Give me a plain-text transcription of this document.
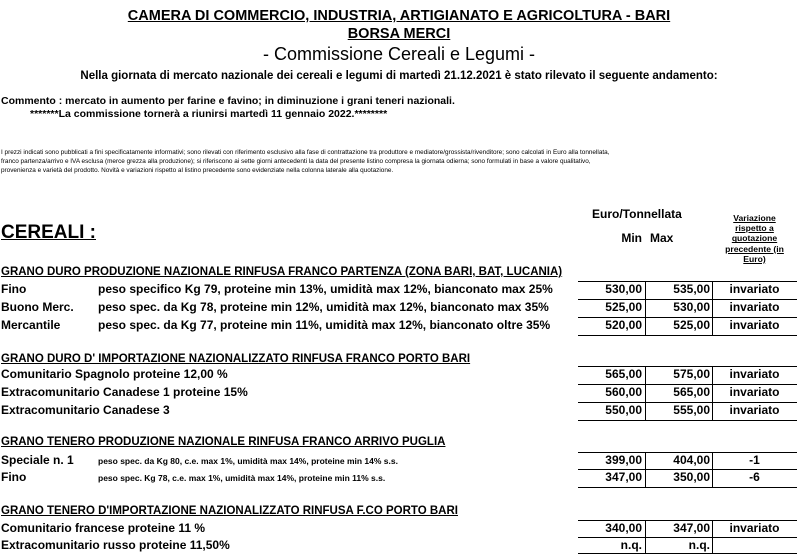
CAMERA DI COMMERCIO, INDUSTRIA, ARTIGIANATO E AGRICOLTURA - BARI
BORSA MERCI
- Commissione Cereali e Legumi -
Nella giornata di mercato nazionale dei cereali e legumi di martedì 21.12.2021 è stato rilevato il seguente andamento:
Commento : mercato in aumento per farine e favino; in diminuzione i grani teneri nazionali.
*******La commissione tornerà a riunirsi martedì 11 gennaio 2022.********
I prezzi indicati sono pubblicati a fini specificatamente informativi; sono rilevati con riferimento esclusivo alla fase di contrattazione tra produttore e mediatore/grossista/rivenditore; sono calcolati in Euro alla tonnellata,
franco partenza/arrivo e IVA esclusa (merce grezza alla produzione); si riferiscono ai sette giorni antecedenti la data del presente listino compresa la giornata odierna; sono formulati in base a valore qualitativo,
provenienza e varietà del prodotto. Novità e variazioni rispetto al listino precedente sono evidenziate nella colonna laterale alla quotazione.
CEREALI :
Euro/Tonnellata
Min Max
Variazione
rispetto a
quotazione
precedente (in
Euro)
GRANO DURO PRODUZIONE NAZIONALE RINFUSA FRANCO PARTENZA (ZONA BARI, BAT, LUCANIA)
Fino	peso specifico Kg 79, proteine min 13%, umidità max 12%, bianconato max 25%	530,00	535,00	invariato
Buono Merc. peso spec. da Kg 78, proteine min 12%, umidità max 12%, bianconato max 35%	525,00	530,00	invariato
Mercantile	peso spec. da Kg 77, proteine min 11%, umidità max 12%, bianconato oltre 35%	520,00	525,00	invariato
GRANO DURO D' IMPORTAZIONE NAZIONALIZZATO RINFUSA FRANCO PORTO BARI
Comunitario Spagnolo proteine 12,00 %	565,00	575,00	invariato
Extracomunitario Canadese 1 proteine 15%	560,00	565,00	invariato
Extracomunitario Canadese 3	550,00	555,00	invariato
GRANO TENERO PRODUZIONE NAZIONALE RINFUSA FRANCO ARRIVO PUGLIA
Speciale n. 1	peso spec. da Kg 80, c.e. max 1%, umidità max 14%, proteine min 14% s.s.	399,00	404,00	-1
Fino	peso spec. Kg 78, c.e. max 1%, umidità max 14%, proteine min 11% s.s.	347,00	350,00	-6
GRANO TENERO D'IMPORTAZIONE NAZIONALIZZATO RINFUSA F.CO PORTO BARI
Comunitario francese proteine 11 %	340,00	347,00	invariato
Extracomunitario russo proteine 11,50%	n.q.	n.q.
